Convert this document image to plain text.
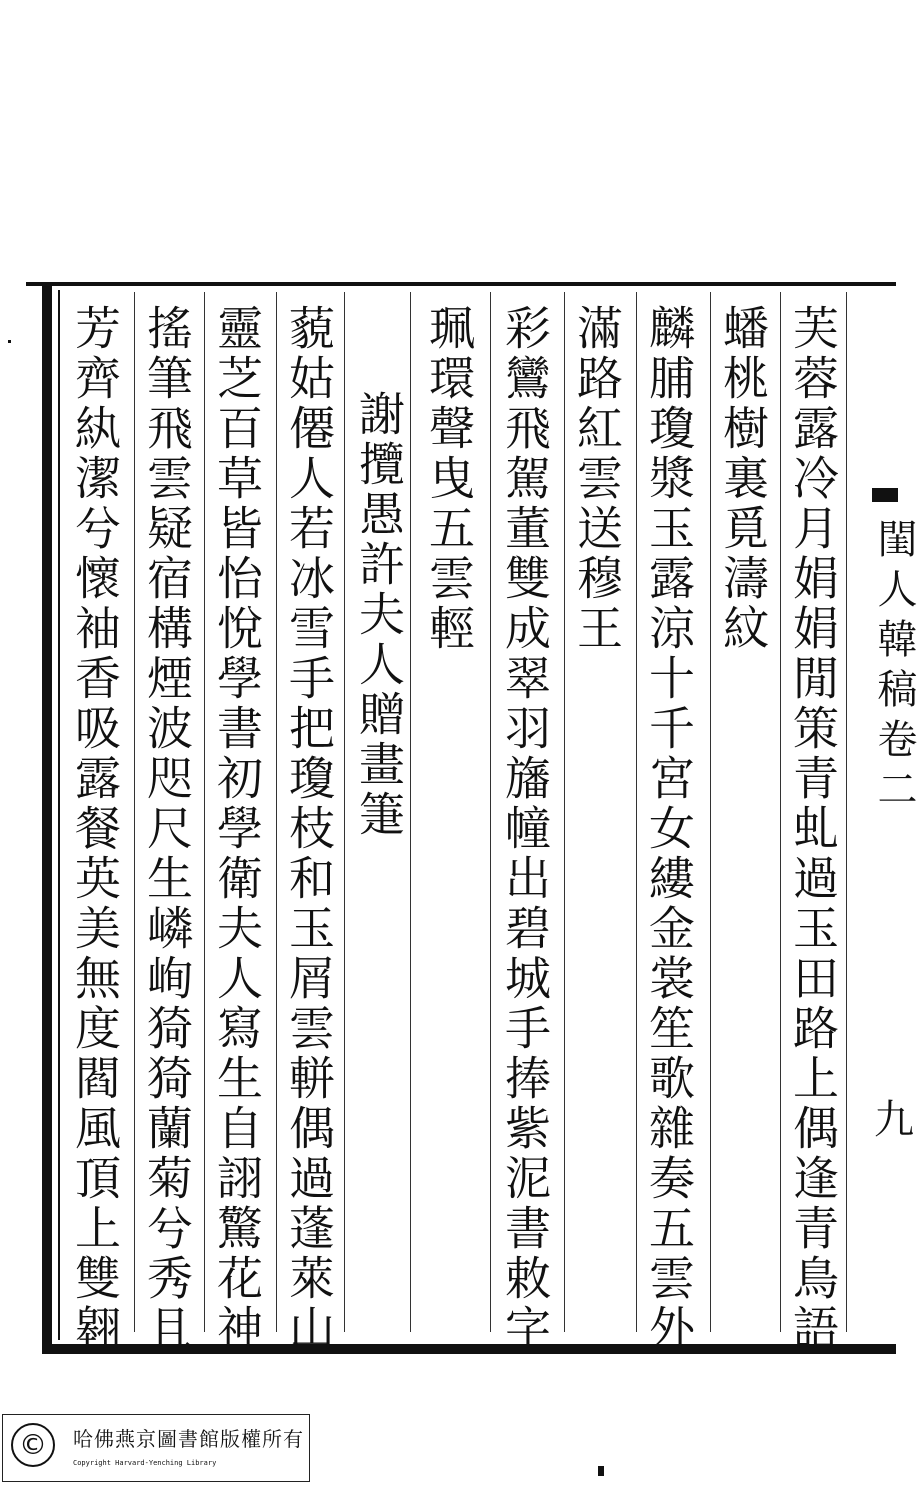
芙蓉露冷月娟娟閒策青虬過玉田路上偶逢青鳥語
蟠桃樹裏覓濤紋
麟脯瓊漿玉露涼十千宮女縷金裳笙歌雜奏五雲外
滿路紅雲送穆王
彩鸞飛駕董雙成翠羽旛幢出碧城手捧紫泥書敕字
珮環聲曳五雲輕
謝攬愚許夫人贈畫箑
藐姑僊人若冰雪手把瓊枝和玉屑雲軿偶過蓬萊山
靈芝百草皆怡悅學書初學衛夫人寫生自詡驚花神
搖筆飛雲疑宿構煙波咫尺生嶙峋猗猗蘭菊兮秀且
芳齊紈潔兮懷袖香吸露餐英美無度閻風頂上雙翱	閨人韓稿卷二
九
©	哈佛燕京圖書館版權所有
Copyright Harvard-Yenching Library
